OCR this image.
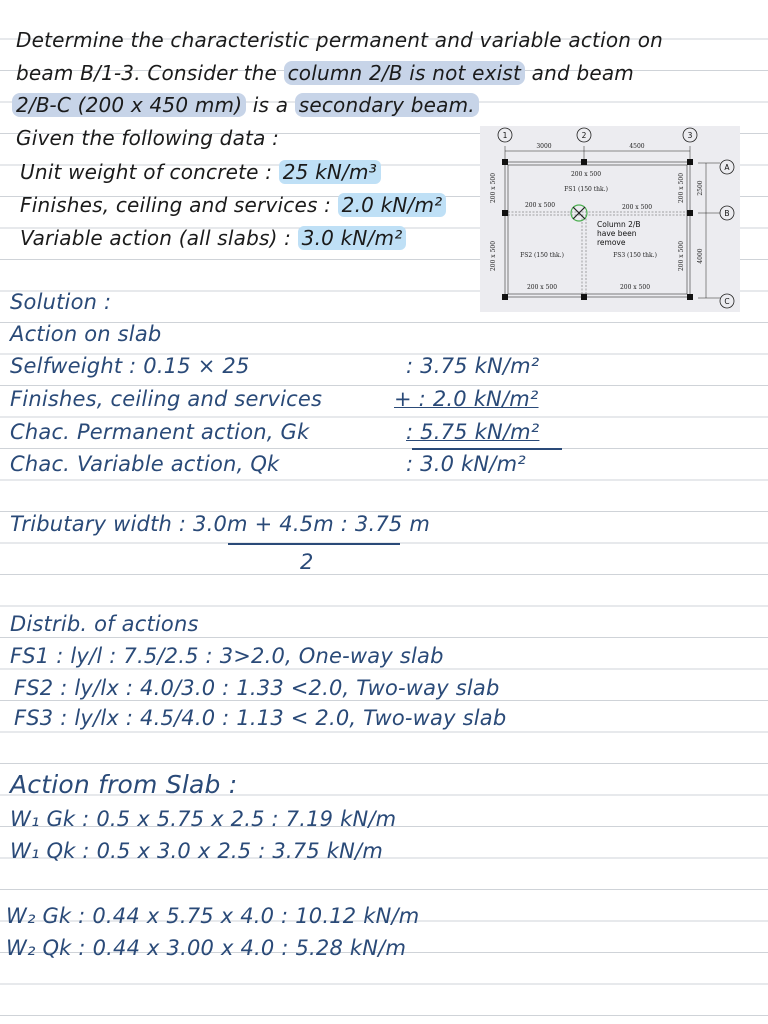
Determine the characteristic permanent and variable action on
beam B/1-3. Consider the column 2/B is not exist and beam
2/B-C (200 x 450 mm) is a secondary beam.
Given the following data :
Unit weight of concrete : 25 kN/m³
Finishes, ceiling and services : 2.0 kN/m²
Variable action (all slabs) : 3.0 kN/m²
1	2	3
3000	4500
200 x 500
FS1 (150 thk.)
200 x 500	200 x 500
Column 2/B
have been
remove
FS2 (150 thk.)	FS3 (150 thk.)
200 x 500	200 x 500
200 x 500
200 x 500
200 x 500
200 x 500
2500
4000
A
B
C
Solution :
Action on slab
Selfweight : 0.15 × 25	: 3.75 kN/m²
Finishes, ceiling and services	+ : 2.0 kN/m²
Chac. Permanent action, Gk	: 5.75 kN/m²
Chac. Variable action, Qk	: 3.0 kN/m²
Tributary width : 3.0m + 4.5m : 3.75 m
2
Distrib. of actions
FS1 : ly/l : 7.5/2.5 : 3>2.0, One-way slab
FS2 : ly/lx : 4.0/3.0 : 1.33 <2.0, Two-way slab
FS3 : ly/lx : 4.5/4.0 : 1.13 < 2.0, Two-way slab
Action from Slab :
W₁ Gk : 0.5 x 5.75 x 2.5 : 7.19 kN/m
W₁ Qk : 0.5 x 3.0 x 2.5 : 3.75 kN/m
W₂ Gk : 0.44 x 5.75 x 4.0 : 10.12 kN/m
W₂ Qk : 0.44 x 3.00 x 4.0 : 5.28 kN/m
